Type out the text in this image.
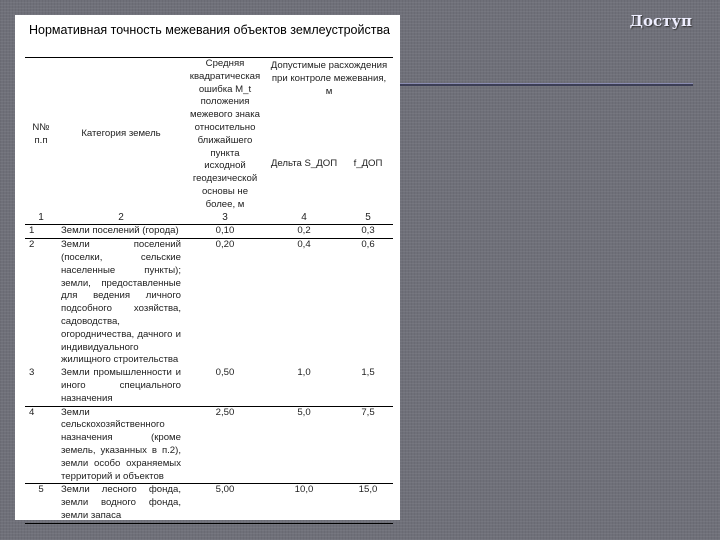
Доступ
Нормативная точность межевания объектов землеустройства
N№ п.п	Категория земель	Средняя квадратическая ошибка M_t положения межевого знака относительно ближайшего пункта исходной геодезической основы не более, м	Допустимые расхождения при контроле межевания, м	
			Дельта S_ДОП	f_ДОП
1	2	3	4	5
1	Земли поселений (города)	0,10	0,2	0,3
2	Земли поселений (поселки, сельские населенные пункты); земли, предоставленные для ведения личного подсобного хозяйства, садоводства, огородничества, дачного и индивидуального жилищного строительства	0,20	0,4	0,6
3	Земли промышленности и иного специального назначения	0,50	1,0	1,5
4	Земли сельскохозяйственного назначения (кроме земель, указанных в п.2), земли особо охраняемых территорий и объектов	2,50	5,0	7,5
5	Земли лесного фонда, земли водного фонда, земли запаса	5,00	10,0	15,0
